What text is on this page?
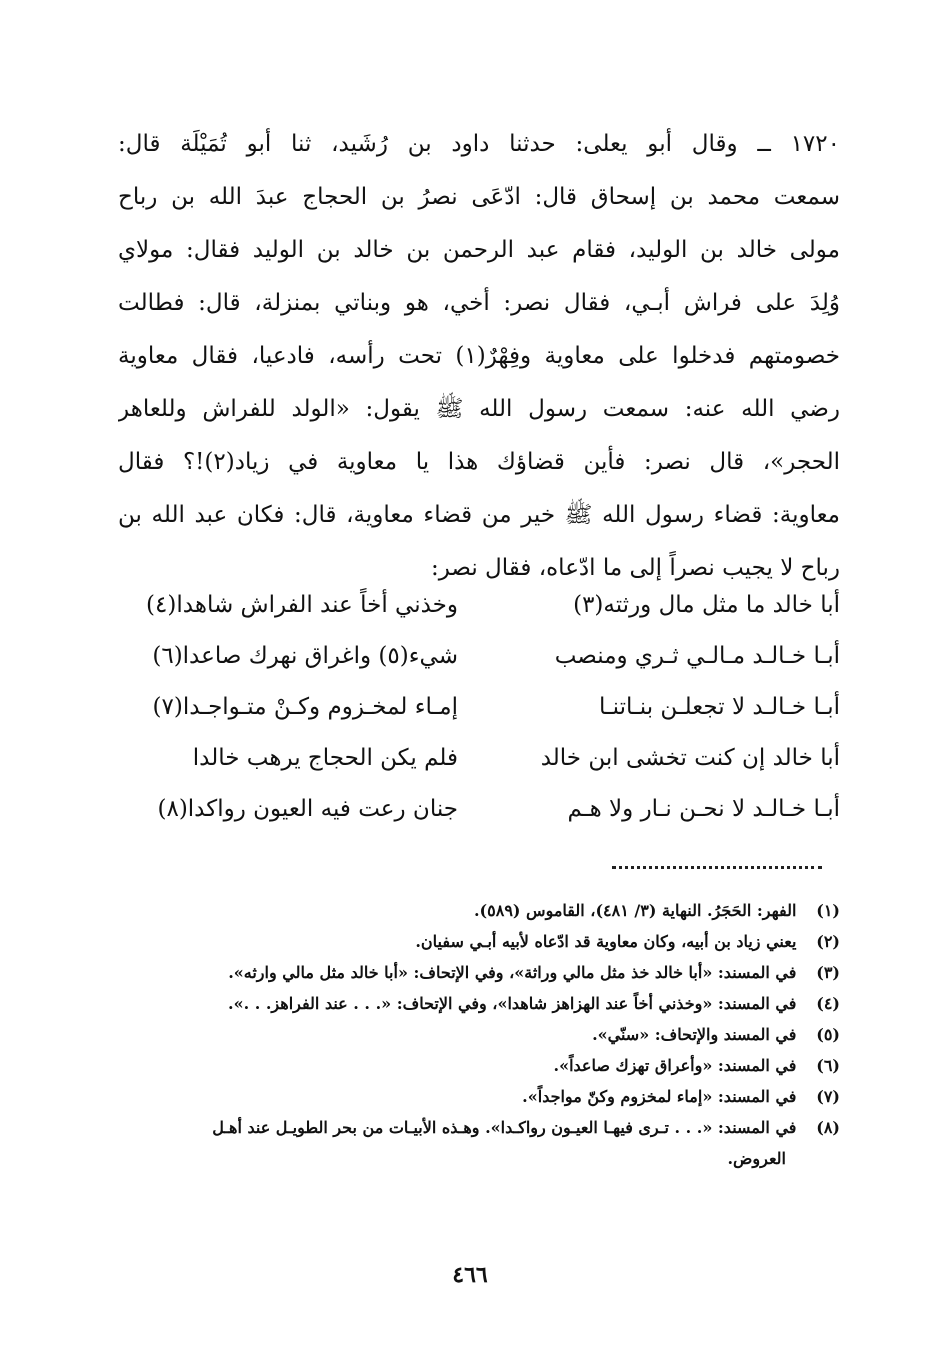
١٧٢٠ ــ وقال أبو يعلى: حدثنا داود بن رُشَيد، ثنا أبو تُمَيْلَة قال:
سمعت محمد بن إسحاق قال: ادّعَى نصرُ بن الحجاج عبدَ الله بن رباح
مولى خالد بن الوليد، فقام عبد الرحمن بن خالد بن الوليد فقال: مولاي
وُلِدَ على فراش أبـي، فقال نصر: أخي، هو وبناتي بمنزلة، قال: فطالت
خصومتهم فدخلوا على معاوية وفِهْرٌ(١) تحت رأسه، فادعيا، فقال معاوية
رضي الله عنه: سمعت رسول الله ﷺ يقول: «الولد للفراش وللعاهر
الحجر»، قال نصر: فأين قضاؤك هذا يا معاوية في زياد(٢)!؟ فقال
معاوية: قضاء رسول الله ﷺ خير من قضاء معاوية، قال: فكان عبد الله بن
رباح لا يجيب نصراً إلى ما ادّعاه، فقال نصر:
أبا خالد ما مثل مال ورثته(٣)
وخذني أخاً عند الفراش شاهدا(٤)
أبـا خـالـد مـالـي ثـري ومنصب
شيء(٥) واغراق نهرك صاعدا(٦)
أبـا خـالـد لا تجعلـن بنـاتنـا
إمـاء لمخـزوم وكـنْ متـواجـدا(٧)
أبا خالد إن كنت تخشى ابن خالد
فلم يكن الحجاج يرهب خالدا
أبـا خـالـد لا نحـن نـار ولا هـم
جنان رعت فيه العيون رواكدا(٨)
(١) الفهر: الحَجَرُ. النهاية (٣/ ٤٨١)، القاموس (٥٨٩).
(٢) يعني زياد بن أبيه، وكان معاوية قد ادّعاه لأبيه أبـي سفيان.
(٣) في المسند: «أبا خالد خذ مثل مالي وراثة»، وفي الإتحاف: «أبا خالد مثل مالي وارثه».
(٤) في المسند: «وخذني أخاً عند الهزاهز شاهدا»، وفي الإتحاف: «. . . عند الفراهز. . .».
(٥) في المسند والإتحاف: «سنّي».
(٦) في المسند: «وأعراق تهزك صاعداً».
(٧) في المسند: «إماء لمخزوم وكنّ مواجداً».
(٨) في المسند: «. . . تـرى فيهـا العيـون رواكـدا». وهـذه الأبيـات من بحر الطويـل عند أهـل
العروض.
٤٦٦
